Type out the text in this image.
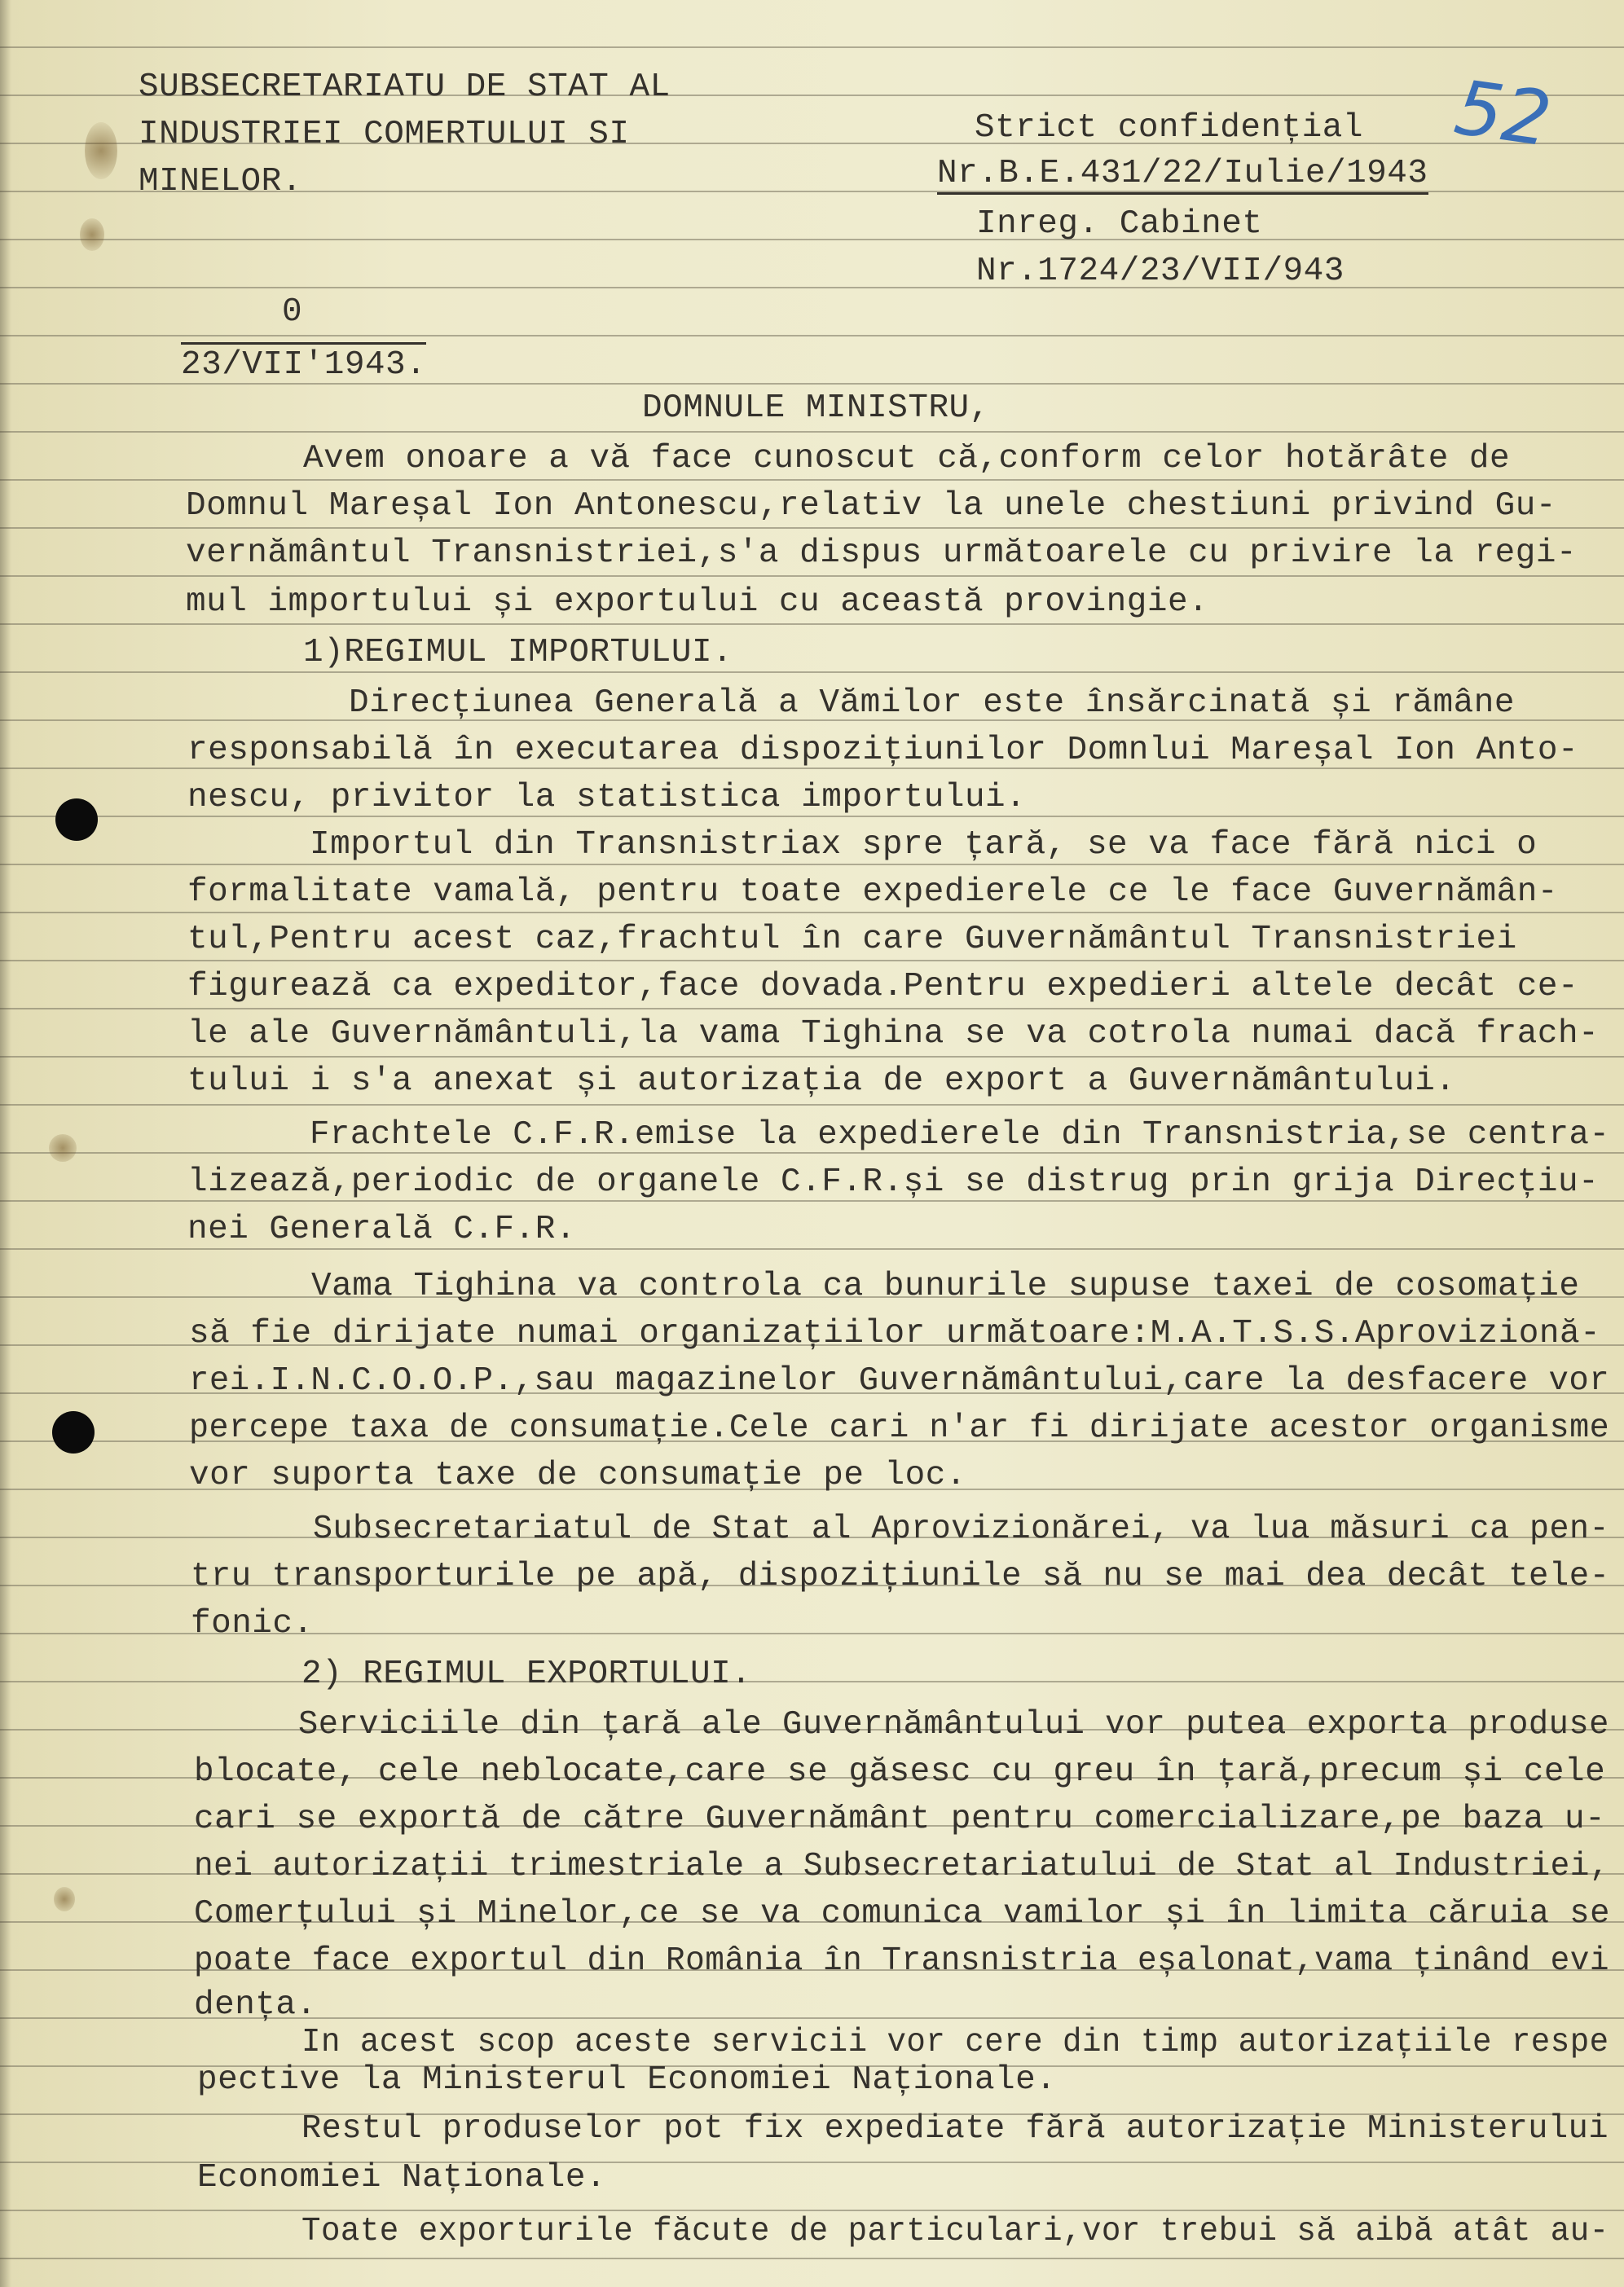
SUBSECRETARIATU DE STAT AL
INDUSTRIEI COMERTULUI SI
MINELOR.
Strict confidențial
Nr.B.E.431/22/Iulie/1943
Inreg. Cabinet
Nr.1724/23/VII/943
52
0
23/VII'1943.
DOMNULE MINISTRU,
Avem onoare a vă face cunoscut că,conform celor hotărâte de
Domnul Mareșal Ion Antonescu,relativ la unele chestiuni privind Gu-
vernământul Transnistriei,s'a dispus următoarele cu privire la regi-
mul importului și exportului cu această provingie.
1)REGIMUL IMPORTULUI.
Direcțiunea Generală a Vămilor este însărcinată și rămâne
responsabilă în executarea dispozițiunilor Domnlui Mareșal Ion Anto-
nescu, privitor la statistica importului.
Importul din Transnistriax spre țară, se va face fără nici o
formalitate vamală, pentru toate expedierele ce le face Guvernămân-
tul,Pentru acest caz,frachtul în care Guvernământul Transnistriei
figurează ca expeditor,face dovada.Pentru expedieri altele decât ce-
le ale Guvernământuli,la vama Tighina se va cotrola numai dacă frach-
tului i s'a anexat și autorizația de export a Guvernământului.
Frachtele C.F.R.emise la expedierele din Transnistria,se centra-
lizează,periodic de organele C.F.R.și se distrug prin grija Direcțiu-
nei Generală C.F.R.
Vama Tighina va controla ca bunurile supuse taxei de cosomație
să fie dirijate numai organizațiilor următoare:M.A.T.S.S.Aprovizionă-
rei.I.N.C.O.O.P.,sau magazinelor Guvernământului,care la desfacere vor
percepe taxa de consumație.Cele cari n'ar fi dirijate acestor organisme
vor suporta taxe de consumație pe loc.
Subsecretariatul de Stat al Aprovizionărei, va lua măsuri ca pen-
tru transporturile pe apă, dispozițiunile să nu se mai dea decât tele-
fonic.
2) REGIMUL EXPORTULUI.
Serviciile din țară ale Guvernământului vor putea exporta produse
blocate, cele neblocate,care se găsesc cu greu în țară,precum și cele
cari se exportă de către Guvernământ pentru comercializare,pe baza u-
nei autorizații trimestriale a Subsecretariatului de Stat al Industriei,
Comerțului și Minelor,ce se va comunica vamilor și în limita căruia se
poate face exportul din România în Transnistria eșalonat,vama ținând evi
dența.
In acest scop aceste servicii vor cere din timp autorizațiile respe
pective la Ministerul Economiei Naționale.
Restul produselor pot fix expediate fără autorizație Ministerului
Economiei Naționale.
Toate exporturile făcute de particulari,vor trebui să aibă atât au-
